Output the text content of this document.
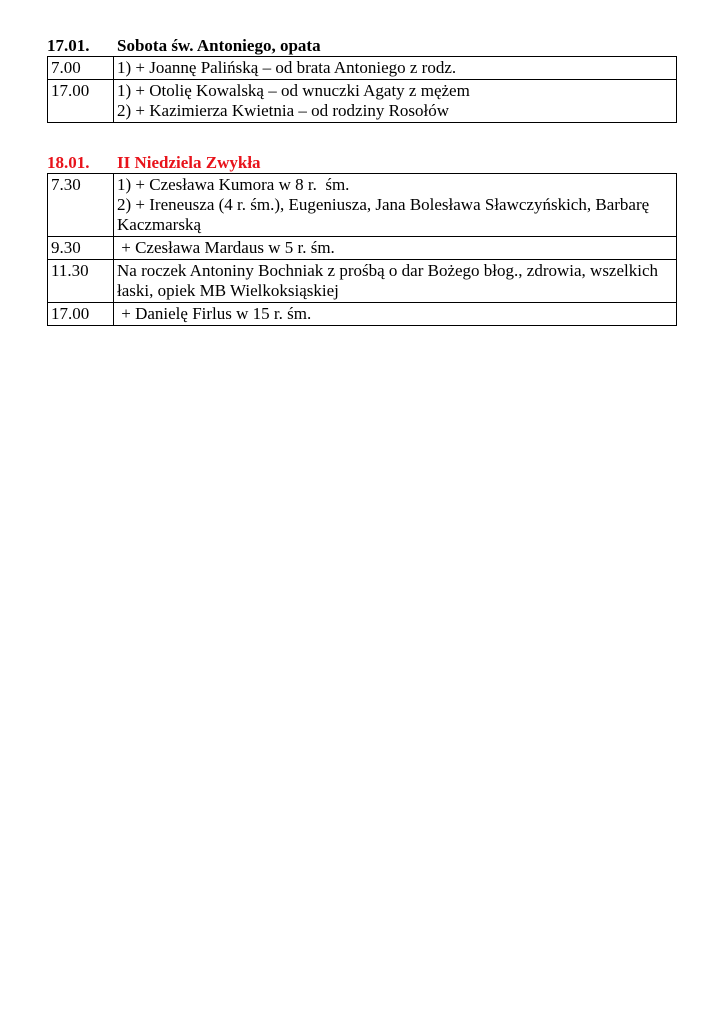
17.01. Sobota św. Antoniego, opata
7.00	1) + Joannę Palińską – od brata Antoniego z rodz.

17.00	1) + Otolię Kowalską – od wnuczki Agaty z mężem
2) + Kazimierza Kwietnia – od rodziny Rosołów
18.01. II Niedziela Zwykła
7.30	1) + Czesława Kumora w 8 r.  śm.
2) + Ireneusza (4 r. śm.), Eugeniusza, Jana Bolesława Sławczyńskich, Barbarę Kaczmarską

9.30	+ Czesława Mardaus w 5 r. śm.

11.30	Na roczek Antoniny Bochniak z prośbą o dar Bożego błog., zdrowia, wszelkich łaski, opiek MB Wielkoksiąskiej

17.00	+ Danielę Firlus w 15 r. śm.
